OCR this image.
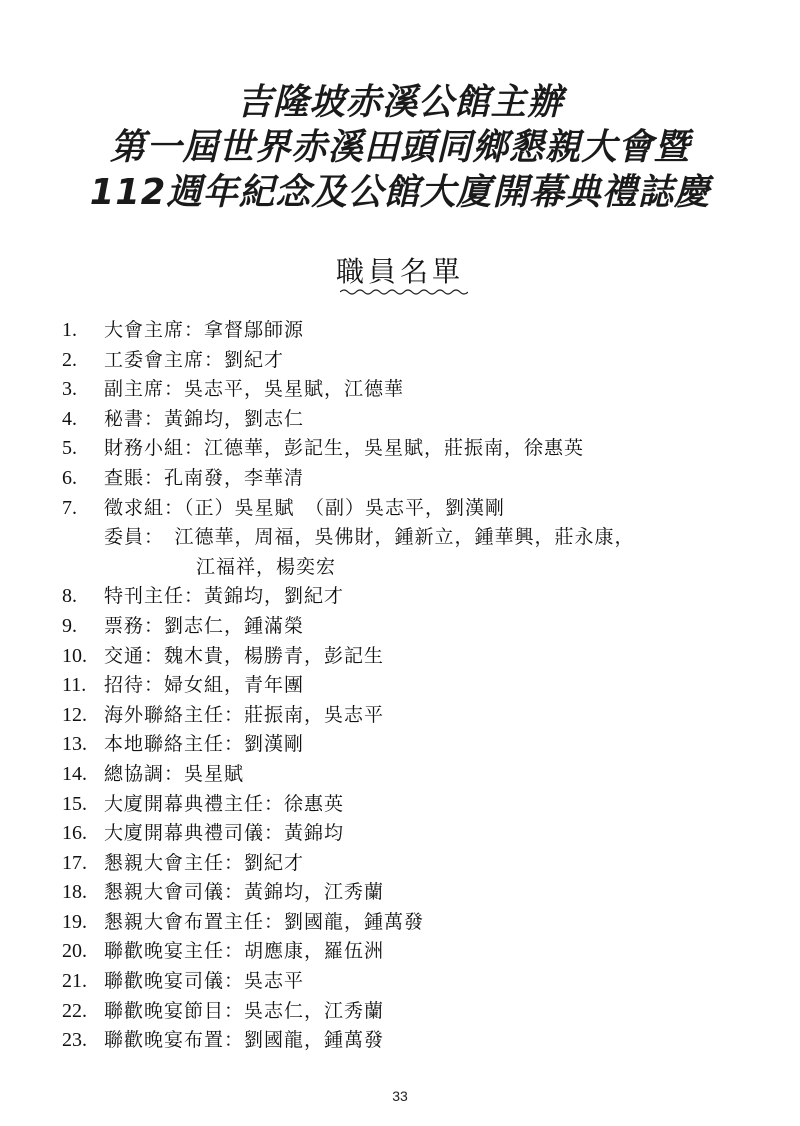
吉隆坡赤溪公館主辦
第一屆世界赤溪田頭同鄉懇親大會暨
112週年紀念及公館大廈開幕典禮誌慶
職員名單
1.	大會主席：拿督鄔師源
2.	工委會主席：劉紀才
3.	副主席：吳志平，吳星賦，江德華
4.	秘書：黃錦均，劉志仁
5.	財務小組：江德華，彭記生，吳星賦，莊振南，徐惠英
6.	查賬：孔南發，李華清
7.	徵求組：（正）吳星賦　（副）吳志平，劉漢剛
委員：　江德華，周福，吳佛財，鍾新立，鍾華興，莊永康，
江福祥，楊奕宏
8.	特刊主任：黃錦均，劉紀才
9.	票務：劉志仁，鍾滿榮
10. 交通：魏木貴，楊勝青，彭記生
11. 招待：婦女組，青年團
12. 海外聯絡主任：莊振南，吳志平
13. 本地聯絡主任：劉漢剛
14. 總協調：吳星賦
15. 大廈開幕典禮主任：徐惠英
16. 大廈開幕典禮司儀：黃錦均
17. 懇親大會主任：劉紀才
18. 懇親大會司儀：黃錦均，江秀蘭
19. 懇親大會布置主任：劉國龍，鍾萬發
20. 聯歡晚宴主任：胡應康，羅伍洲
21. 聯歡晚宴司儀：吳志平
22. 聯歡晚宴節目：吳志仁，江秀蘭
23. 聯歡晚宴布置：劉國龍，鍾萬發
33
